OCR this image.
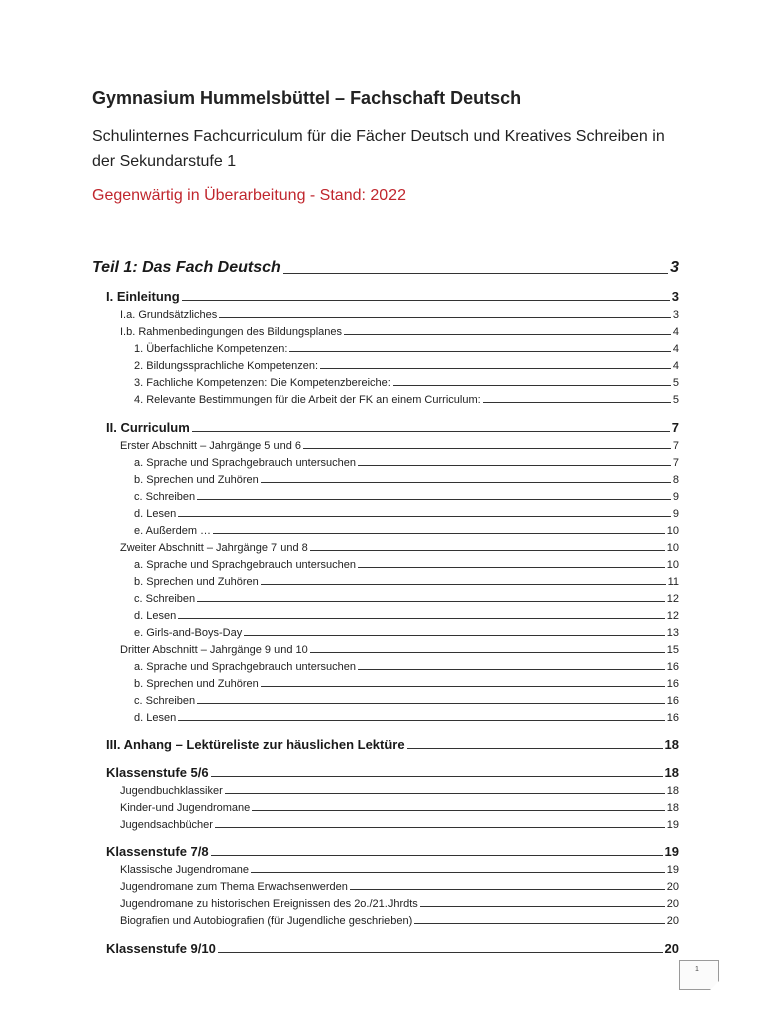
Gymnasium Hummelsbüttel – Fachschaft Deutsch
Schulinternes Fachcurriculum für die Fächer Deutsch und Kreatives Schreiben in der Sekundarstufe 1
Gegenwärtig in Überarbeitung - Stand: 2022
Teil 1: Das Fach Deutsch	3
I. Einleitung	3
I.a. Grundsätzliches	3
I.b. Rahmenbedingungen des Bildungsplanes	4
1. Überfachliche Kompetenzen:	4
2. Bildungssprachliche Kompetenzen:	4
3. Fachliche Kompetenzen: Die Kompetenzbereiche:	5
4. Relevante Bestimmungen für die Arbeit der FK an einem Curriculum:	5
II. Curriculum	7
Erster Abschnitt – Jahrgänge 5 und 6	7
a. Sprache und Sprachgebrauch untersuchen	7
b. Sprechen und Zuhören	8
c. Schreiben	9
d. Lesen	9
e. Außerdem …	10
Zweiter Abschnitt – Jahrgänge 7 und 8	10
a. Sprache und Sprachgebrauch untersuchen	10
b. Sprechen und Zuhören	11
c. Schreiben	12
d. Lesen	12
e. Girls-and-Boys-Day	13
Dritter Abschnitt – Jahrgänge 9 und 10	15
a. Sprache und Sprachgebrauch untersuchen	16
b. Sprechen und Zuhören	16
c. Schreiben	16
d. Lesen	16
III. Anhang – Lektüreliste zur häuslichen Lektüre	18
Klassenstufe 5/6	18
Jugendbuchklassiker	18
Kinder-und Jugendromane	18
Jugendsachbücher	19
Klassenstufe 7/8	19
Klassische Jugendromane	19
Jugendromane zum Thema Erwachsenwerden	20
Jugendromane zu historischen Ereignissen des 2o./21.Jhrdts	20
Biografien und Autobiografien (für Jugendliche geschrieben)	20
Klassenstufe 9/10	20
1
